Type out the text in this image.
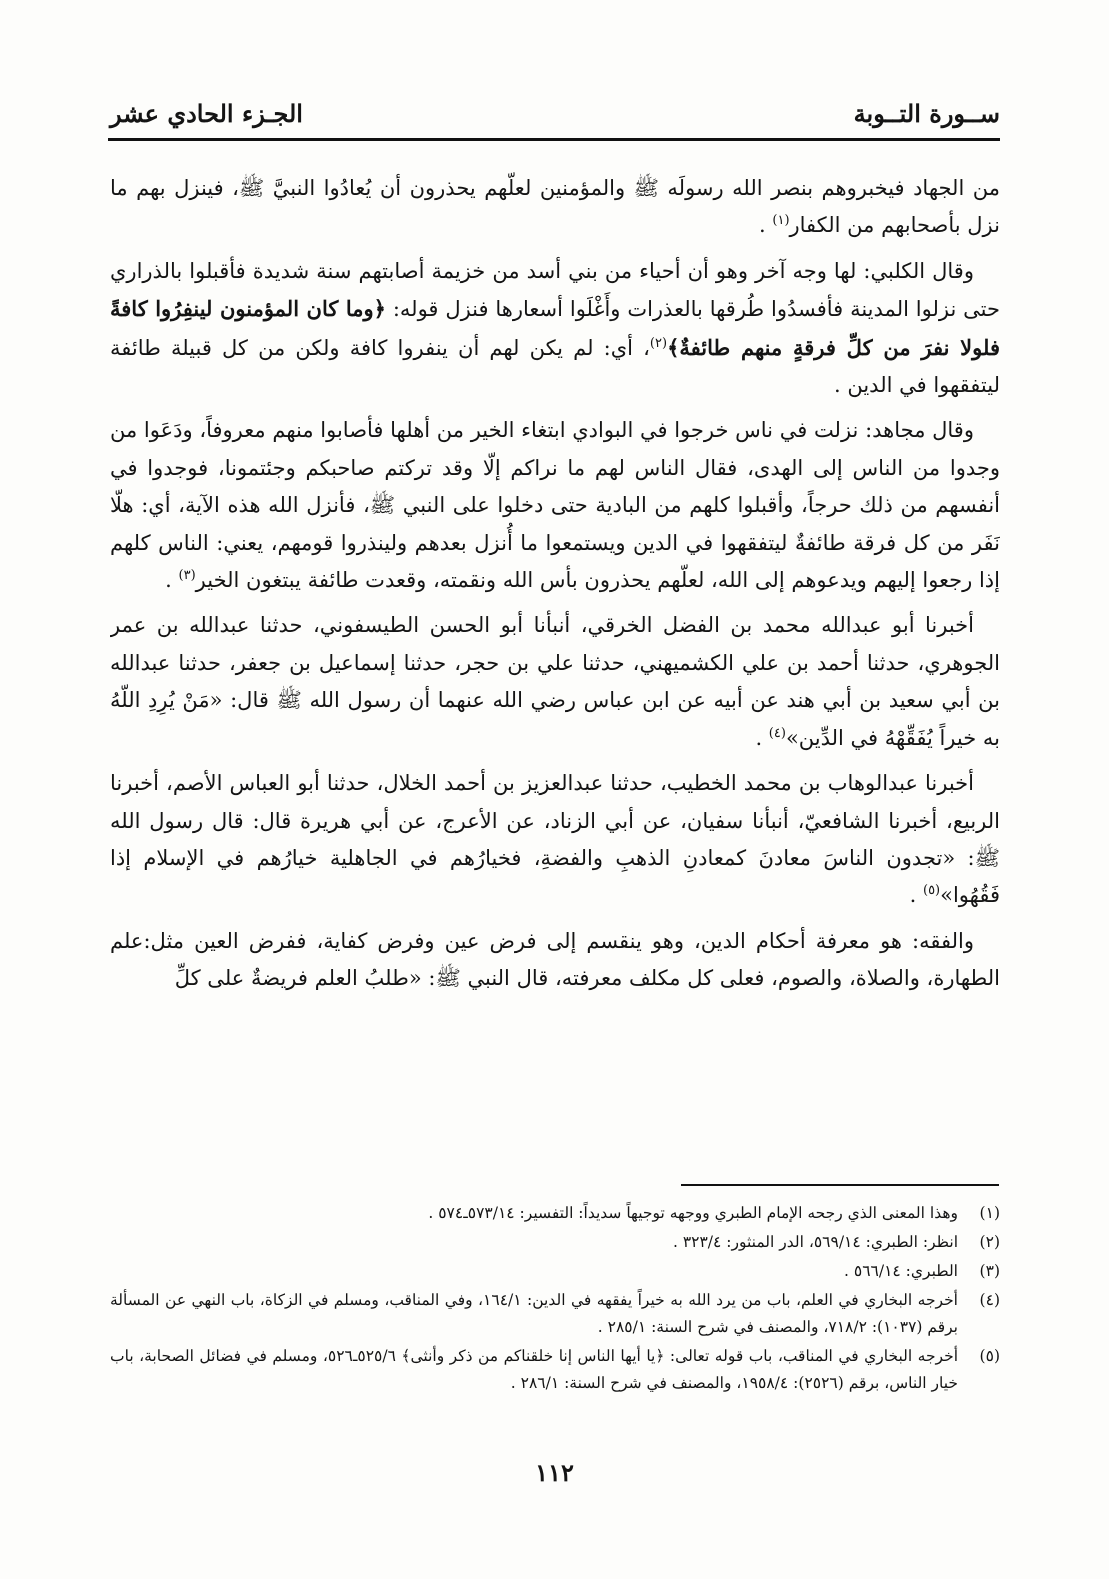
ســورة التــوبة
الجـزء الحادي عشر

من الجهاد فيخبروهم بنصر الله رسولَه ﷺ والمؤمنين لعلّهم يحذرون أن يُعادُوا النبيَّ ﷺ، فينزل بهم ما نزل بأصحابهم من الكفار$^{(١)}$ .

وقال الكلبي: لها وجه آخر وهو أن أحياء من بني أسد من خزيمة أصابتهم سنة شديدة فأقبلوا بالذراري حتى نزلوا المدينة فأفسدُوا طُرقها بالعذرات وأَغْلَوا أسعارها فنزل قوله: ﴿وما كان المؤمنون لينفِرُوا كافةً فلولا نفرَ من كلِّ فرقةٍ منهم طائفةٌ﴾$^{(٢)}$، أي: لم يكن لهم أن ينفروا كافة ولكن من كل قبيلة طائفة ليتفقهوا في الدين .

وقال مجاهد: نزلت في ناس خرجوا في البوادي ابتغاء الخير من أهلها فأصابوا منهم معروفاً، ودَعَوا من وجدوا من الناس إلى الهدى، فقال الناس لهم ما نراكم إلّا وقد تركتم صاحبكم وجئتمونا، فوجدوا في أنفسهم من ذلك حرجاً، وأقبلوا كلهم من البادية حتى دخلوا على النبي ﷺ، فأنزل الله هذه الآية، أي: هلّا نَفَر من كل فرقة طائفةٌ ليتفقهوا في الدين ويستمعوا ما أُنزل بعدهم ولينذروا قومهم، يعني: الناس كلهم إذا رجعوا إليهم ويدعوهم إلى الله، لعلّهم يحذرون بأس الله ونقمته، وقعدت طائفة يبتغون الخير$^{(٣)}$ .

أخبرنا أبو عبدالله محمد بن الفضل الخرقي، أنبأنا أبو الحسن الطيسفوني، حدثنا عبدالله بن عمر الجوهري، حدثنا أحمد بن علي الكشميهني، حدثنا علي بن حجر، حدثنا إسماعيل بن جعفر، حدثنا عبدالله بن أبي سعيد بن أبي هند عن أبيه عن ابن عباس رضي الله عنهما أن رسول الله ﷺ قال: «مَنْ يُرِدِ اللّهُ به خيراً يُفَقِّهْهُ في الدِّين»$^{(٤)}$ .

أخبرنا عبدالوهاب بن محمد الخطيب، حدثنا عبدالعزيز بن أحمد الخلال، حدثنا أبو العباس الأصم، أخبرنا الربيع، أخبرنا الشافعيّ، أنبأنا سفيان، عن أبي الزناد، عن الأعرج، عن أبي هريرة قال: قال رسول الله ﷺ: «تجدون الناسَ معادنَ كمعادنِ الذهبِ والفضةِ، فخيارُهم في الجاهلية خيارُهم في الإسلام إذا فَقُهُوا»$^{(٥)}$ .

والفقه: هو معرفة أحكام الدين، وهو ينقسم إلى فرض عين وفرض كفاية، ففرض العين مثل:علم الطهارة، والصلاة، والصوم، فعلى كل مكلف معرفته، قال النبي ﷺ: «طلبُ العلم فريضةٌ على كلِّ

(١)
وهذا المعنى الذي رجحه الإمام الطبري ووجهه توجيهاً سديداً: التفسير: ٥٧٣/١٤ـ٥٧٤ .
(٢)
انظر: الطبري: ٥٦٩/١٤، الدر المنثور: ٣٢٣/٤ .
(٣)
الطبري: ٥٦٦/١٤ .
(٤)
أخرجه البخاري في العلم، باب من يرد الله به خيراً يفقهه في الدين: ١٦٤/١، وفي المناقب، ومسلم في الزكاة، باب النهي عن المسألة برقم (١٠٣٧): ٧١٨/٢، والمصنف في شرح السنة: ٢٨٥/١ .
(٥)
أخرجه البخاري في المناقب، باب قوله تعالى: ﴿يا أيها الناس إنا خلقناكم من ذكر وأنثى﴾ ٥٢٥/٦ـ٥٢٦، ومسلم في فضائل الصحابة، باب خيار الناس، برقم (٢٥٢٦): ١٩٥٨/٤، والمصنف في شرح السنة: ٢٨٦/١ .
١١٢
